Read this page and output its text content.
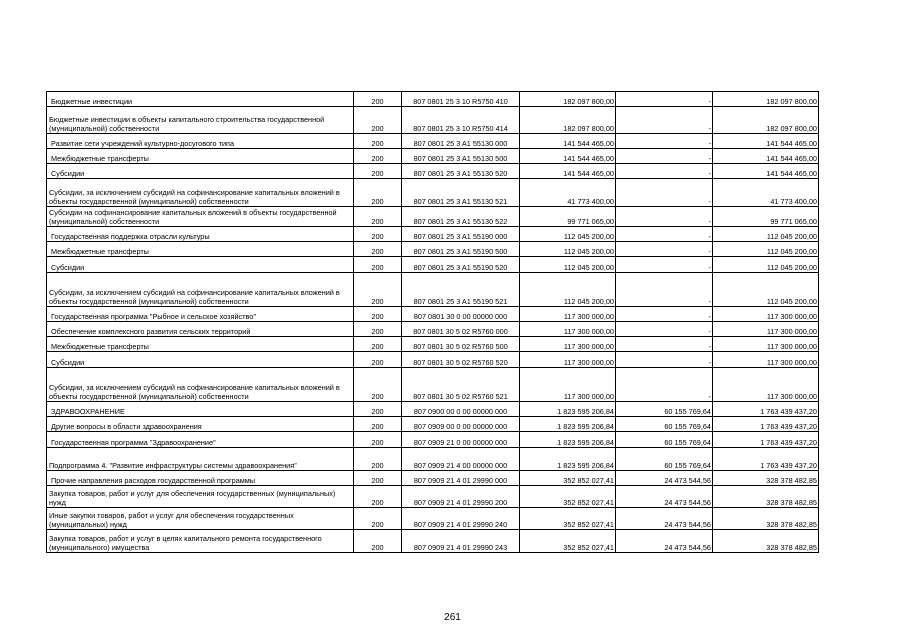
Бюджетные инвестиции	200	807 0801 25 3 10 R5750 410	182 097 800,00	-	182 097 800,00
Бюджетные инвестиции в объекты капитального строительства государственной (муниципальной) собственности	200	807 0801 25 3 10 R5750 414	182 097 800,00	-	182 097 800,00
Развитие сети учреждений культурно-досугового типа	200	807 0801 25 3 A1 55130 000	141 544 465,00	-	141 544 465,00
Межбюджетные трансферты	200	807 0801 25 3 A1 55130 500	141 544 465,00	-	141 544 465,00
Субсидии	200	807 0801 25 3 A1 55130 520	141 544 465,00	-	141 544 465,00
Субсидии, за исключением субсидий на софинансирование капитальных вложений в объекты государственной (муниципальной) собственности	200	807 0801 25 3 A1 55130 521	41 773 400,00	-	41 773 400,00
Субсидии на софинансирование капитальных вложений в объекты государственной (муниципальной) собственности	200	807 0801 25 3 A1 55130 522	99 771 065,00	-	99 771 065,00
Государственная поддержка отрасли культуры	200	807 0801 25 3 A1 55190 000	112 045 200,00	-	112 045 200,00
Межбюджетные трансферты	200	807 0801 25 3 A1 55190 500	112 045 200,00	-	112 045 200,00
Субсидии	200	807 0801 25 3 A1 55190 520	112 045 200,00	-	112 045 200,00
Субсидии, за исключением субсидий на софинансирование капитальных вложений в объекты государственной (муниципальной) собственности	200	807 0801 25 3 A1 55190 521	112 045 200,00	-	112 045 200,00
Государственная программа "Рыбное и сельское хозяйство"	200	807 0801 30 0 00 00000 000	117 300 000,00	-	117 300 000,00
Обеспечение комплексного развития сельских территорий	200	807 0801 30 5 02 R5760 000	117 300 000,00	-	117 300 000,00
Межбюджетные трансферты	200	807 0801 30 5 02 R5760 500	117 300 000,00	-	117 300 000,00
Субсидии	200	807 0801 30 5 02 R5760 520	117 300 000,00	-	117 300 000,00
Субсидии, за исключением субсидий на софинансирование капитальных вложений в объекты государственной (муниципальной) собственности	200	807 0801 30 5 02 R5760 521	117 300 000,00	-	117 300 000,00
ЗДРАВООХРАНЕНИЕ	200	807 0900 00 0 00 00000 000	1 823 595 206,84	60 155 769,64	1 763 439 437,20
Другие вопросы в области здравоохранения	200	807 0909 00 0 00 00000 000	1 823 595 206,84	60 155 769,64	1 763 439 437,20
Государственная программа "Здравоохранение"	200	807 0909 21 0 00 00000 000	1 823 595 206,84	60 155 769,64	1 763 439 437,20
Подпрограмма 4. "Развитие инфраструктуры системы здравоохранения"	200	807 0909 21 4 00 00000 000	1 823 595 206,84	60 155 769,64	1 763 439 437,20
Прочие направления расходов государственной программы	200	807 0909 21 4 01 29990 000	352 852 027,41	24 473 544,56	328 378 482,85
Закупка товаров, работ и услуг для обеспечения государственных (муниципальных) нужд	200	807 0909 21 4 01 29990 200	352 852 027,41	24 473 544,56	328 378 482,85
Иные закупки товаров, работ и услуг для обеспечения государственных (муниципальных) нужд	200	807 0909 21 4 01 29990 240	352 852 027,41	24 473 544,56	328 378 482,85
Закупка товаров, работ и услуг в целях капитального ремонта государственного (муниципального) имущества	200	807 0909 21 4 01 29990 243	352 852 027,41	24 473 544,56	328 378 482,85
261
